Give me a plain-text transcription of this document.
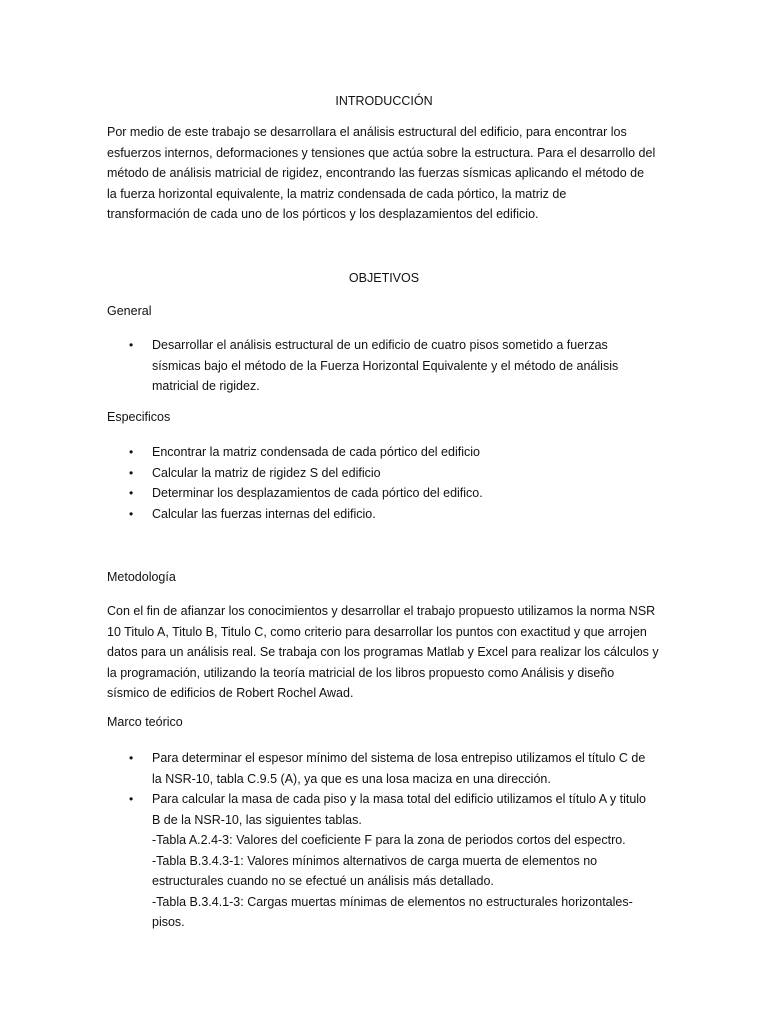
INTRODUCCIÓN
Por medio de este trabajo se desarrollara el análisis estructural del edificio, para encontrar los
esfuerzos internos, deformaciones y tensiones que actúa sobre la estructura. Para el desarrollo del
método de análisis matricial de rigidez, encontrando las fuerzas sísmicas aplicando el método de
la fuerza horizontal equivalente, la matriz condensada de cada pórtico, la matriz de
transformación de cada uno de los pórticos y los desplazamientos del edificio.
OBJETIVOS
General
• Desarrollar el análisis estructural de un edificio de cuatro pisos sometido a fuerzas
sísmicas bajo el método de la Fuerza Horizontal Equivalente y el método de análisis
matricial de rigidez.
Especificos
• Encontrar la matriz condensada de cada pórtico del edificio
• Calcular la matriz de rigidez S del edificio
• Determinar los desplazamientos de cada pórtico del edifico.
• Calcular las fuerzas internas del edificio.
Metodología
Con el fin de afianzar los conocimientos y desarrollar el trabajo propuesto utilizamos la norma NSR
10 Titulo A, Titulo B, Titulo C, como criterio para desarrollar los puntos con exactitud y que arrojen
datos para un análisis real. Se trabaja con los programas Matlab y Excel para realizar los cálculos y
la programación, utilizando la teoría matricial de los libros propuesto como Análisis y diseño
sísmico de edificios de Robert Rochel Awad.
Marco teórico
• Para determinar el espesor mínimo del sistema de losa entrepiso utilizamos el título C de
la NSR-10, tabla C.9.5 (A), ya que es una losa maciza en una dirección.
• Para calcular la masa de cada piso y la masa total del edificio utilizamos el título A y titulo
B de la NSR-10, las siguientes tablas.
-Tabla A.2.4-3: Valores del coeficiente F para la zona de periodos cortos del espectro.
-Tabla B.3.4.3-1: Valores mínimos alternativos de carga muerta de elementos no
estructurales cuando no se efectué un análisis más detallado.
-Tabla B.3.4.1-3: Cargas muertas mínimas de elementos no estructurales horizontales-
pisos.
